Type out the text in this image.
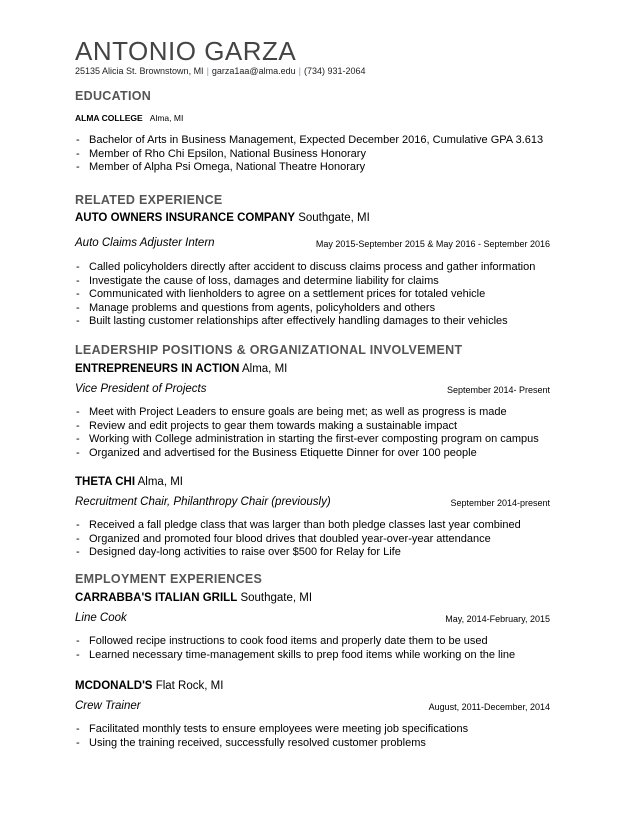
ANTONIO GARZA
25135 Alicia St. Brownstown, MI | garza1aa@alma.edu | (734) 931-2064
EDUCATION
ALMA COLLEGE Alma, MI
- Bachelor of Arts in Business Management, Expected December 2016, Cumulative GPA 3.613
- Member of Rho Chi Epsilon, National Business Honorary
- Member of Alpha Psi Omega, National Theatre Honorary
RELATED EXPERIENCE
AUTO OWNERS INSURANCE COMPANY Southgate, MI
Auto Claims Adjuster Intern	May 2015-September 2015 & May 2016 - September 2016
- Called policyholders directly after accident to discuss claims process and gather information
- Investigate the cause of loss, damages and determine liability for claims
- Communicated with lienholders to agree on a settlement prices for totaled vehicle
- Manage problems and questions from agents, policyholders and others
- Built lasting customer relationships after effectively handling damages to their vehicles
LEADERSHIP POSITIONS & ORGANIZATIONAL INVOLVEMENT
ENTREPRENEURS IN ACTION Alma, MI
Vice President of Projects	September 2014- Present
- Meet with Project Leaders to ensure goals are being met; as well as progress is made
- Review and edit projects to gear them towards making a sustainable impact
- Working with College administration in starting the first-ever composting program on campus
- Organized and advertised for the Business Etiquette Dinner for over 100 people
THETA CHI Alma, MI
Recruitment Chair, Philanthropy Chair (previously)	September 2014-present
- Received a fall pledge class that was larger than both pledge classes last year combined
- Organized and promoted four blood drives that doubled year-over-year attendance
- Designed day-long activities to raise over $500 for Relay for Life
EMPLOYMENT EXPERIENCES
CARRABBA'S ITALIAN GRILL Southgate, MI
Line Cook	May, 2014-February, 2015
- Followed recipe instructions to cook food items and properly date them to be used
- Learned necessary time-management skills to prep food items while working on the line
MCDONALD'S Flat Rock, MI
Crew Trainer	August, 2011-December, 2014
- Facilitated monthly tests to ensure employees were meeting job specifications
- Using the training received, successfully resolved customer problems
